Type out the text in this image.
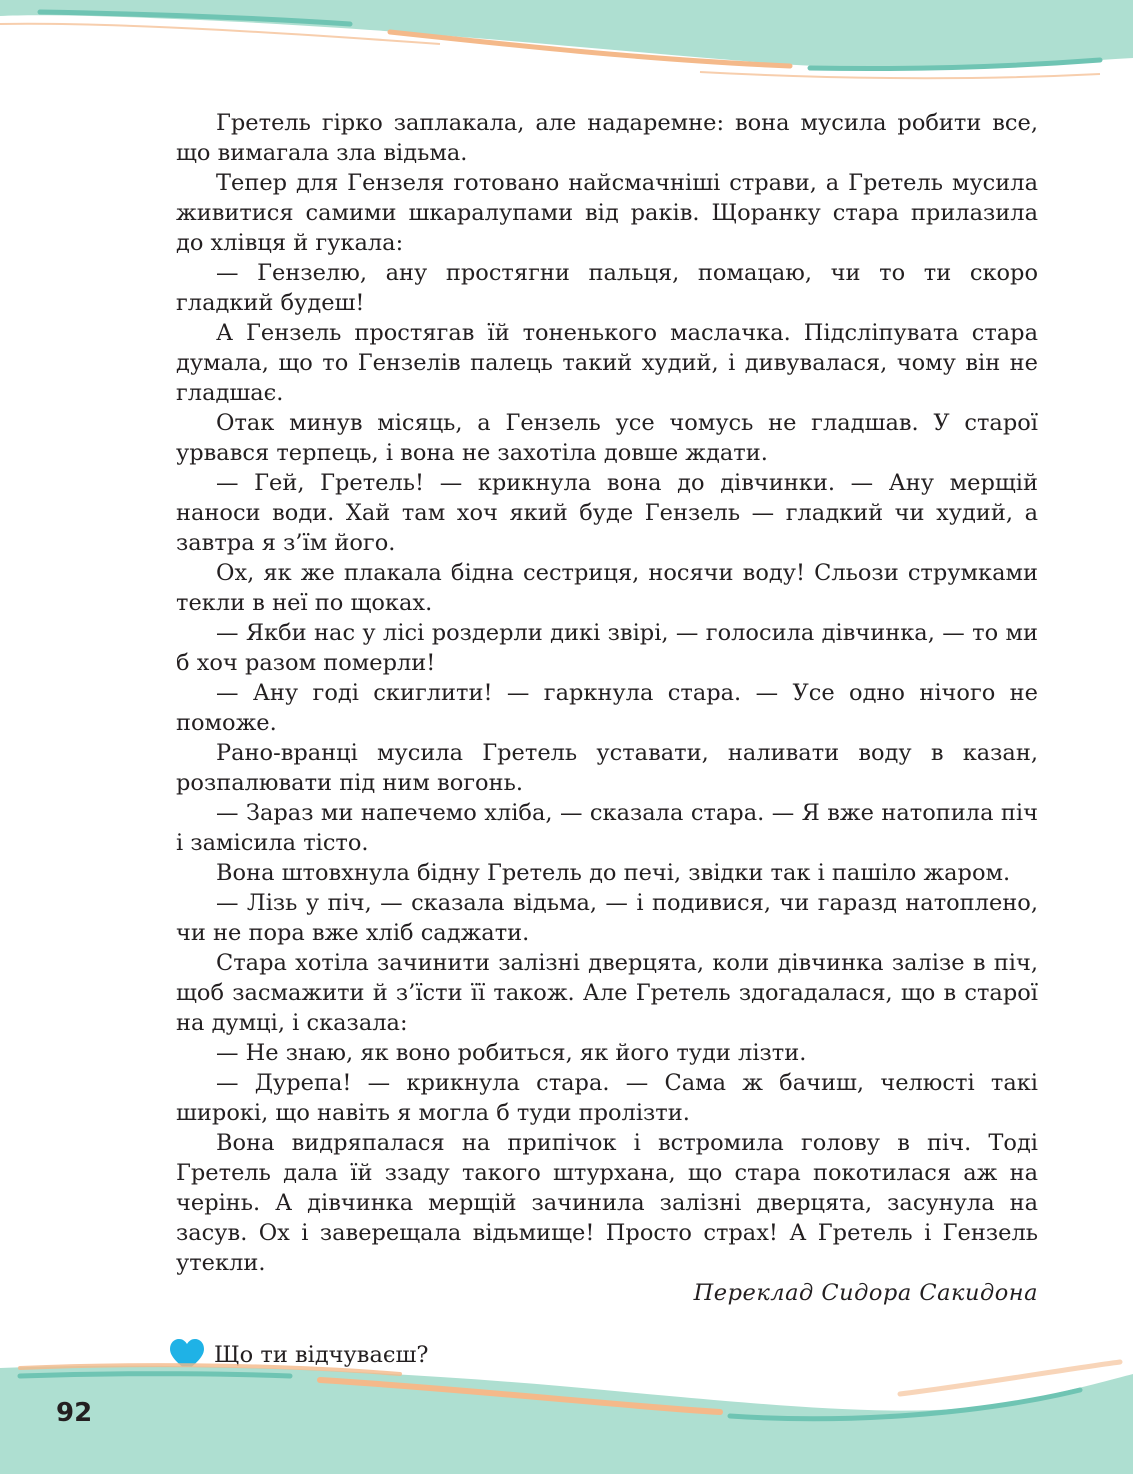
Гретель гірко заплакала, але надаремне: вона мусила робити все, що вимагала зла відьма.

Тепер для Гензеля готовано найсмачніші страви, а Гретель мусила живитися самими шкаралупами від раків. Щоранку стара прилазила до хлівця й гукала:

— Гензелю, ану простягни пальця, помацаю, чи то ти скоро гладкий будеш!

А Гензель простягав їй тоненького маслачка. Підсліпувата стара думала, що то Гензелів палець такий худий, і дивувалася, чому він не гладшає.

Отак минув місяць, а Гензель усе чомусь не гладшав. У старої урвався терпець, і вона не захотіла довше ждати.

— Гей, Гретель! — крикнула вона до дівчинки. — Ану мерщій наноси води. Хай там хоч який буде Гензель — гладкий чи худий, а завтра я з’їм його.

Ох, як же плакала бідна сестриця, носячи воду! Сльози струмками текли в неї по щоках.

— Якби нас у лісі роздерли дикі звірі, — голосила дівчинка, — то ми б хоч разом померли!

— Ану годі скиглити! — гаркнула стара. — Усе одно нічого не поможе.

Рано-вранці мусила Гретель уставати, наливати воду в казан, розпалювати під ним вогонь.

— Зараз ми напечемо хліба, — сказала стара. — Я вже натопила піч і замісила тісто.

Вона штовхнула бідну Гретель до печі, звідки так і пашіло жаром.

— Лізь у піч, — сказала відьма, — і подивися, чи гаразд натоплено, чи не пора вже хліб саджати.

Стара хотіла зачинити залізні дверцята, коли дівчинка залізе в піч, щоб засмажити й з’їсти її також. Але Гретель здогадалася, що в старої на думці, і сказала:

— Не знаю, як воно робиться, як його туди лізти.

— Дурепа! — крикнула стара. — Сама ж бачиш, челюсті такі широкі, що навіть я могла б туди пролізти.

Вона видряпалася на припічок і встромила голову в піч. Тоді Гретель дала їй ззаду такого штурхана, що стара покотилася аж на черінь. А дівчинка мерщій зачинила залізні дверцята, засунула на засув. Ох і заверещала відьмище! Просто страх! А Гретель і Гензель утекли.

Переклад Сидора Сакидона

Що ти відчуваєш?
92
